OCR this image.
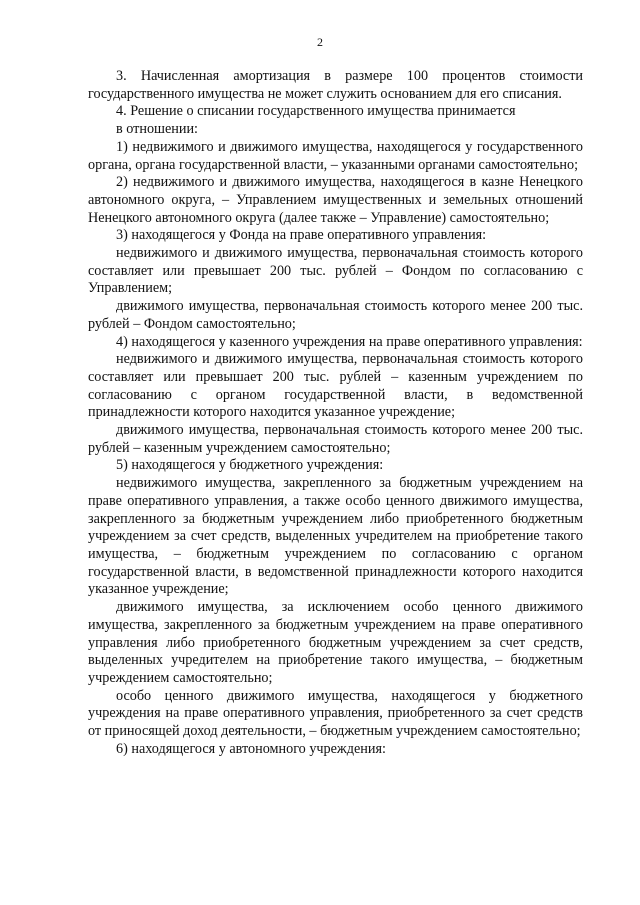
2

3. Начисленная амортизация в размере 100 процентов стоимости государственного имущества не может служить основанием для его списания.

4. Решение о списании государственного имущества принимается

в отношении:

1) недвижимого и движимого имущества, находящегося у государственного органа, органа государственной власти, – указанными органами самостоятельно;

2) недвижимого и движимого имущества, находящегося в казне Ненецкого автономного округа, – Управлением имущественных и земельных отношений Ненецкого автономного округа (далее также – Управление) самостоятельно;

3) находящегося у Фонда на праве оперативного управления:

недвижимого и движимого имущества, первоначальная стоимость которого составляет или превышает 200 тыс. рублей – Фондом по согласованию с Управлением;

движимого имущества, первоначальная стоимость которого менее 200 тыс. рублей – Фондом самостоятельно;

4) находящегося у казенного учреждения на праве оперативного управления:

недвижимого и движимого имущества, первоначальная стоимость которого составляет или превышает 200 тыс. рублей – казенным учреждением по согласованию с органом государственной власти, в ведомственной принадлежности которого находится указанное учреждение;

движимого имущества, первоначальная стоимость которого менее 200 тыс. рублей – казенным учреждением самостоятельно;

5) находящегося у бюджетного учреждения:

недвижимого имущества, закрепленного за бюджетным учреждением на праве оперативного управления, а также особо ценного движимого имущества, закрепленного за бюджетным учреждением либо приобретенного бюджетным учреждением за счет средств, выделенных учредителем на приобретение такого имущества, – бюджетным учреждением по согласованию с органом государственной власти, в ведомственной принадлежности которого находится указанное учреждение;

движимого имущества, за исключением особо ценного движимого имущества, закрепленного за бюджетным учреждением на праве оперативного управления либо приобретенного бюджетным учреждением за счет средств, выделенных учредителем на приобретение такого имущества, – бюджетным учреждением самостоятельно;

особо ценного движимого имущества, находящегося у бюджетного учреждения на праве оперативного управления, приобретенного за счет средств от приносящей доход деятельности, – бюджетным учреждением самостоятельно;

6) находящегося у автономного учреждения:
